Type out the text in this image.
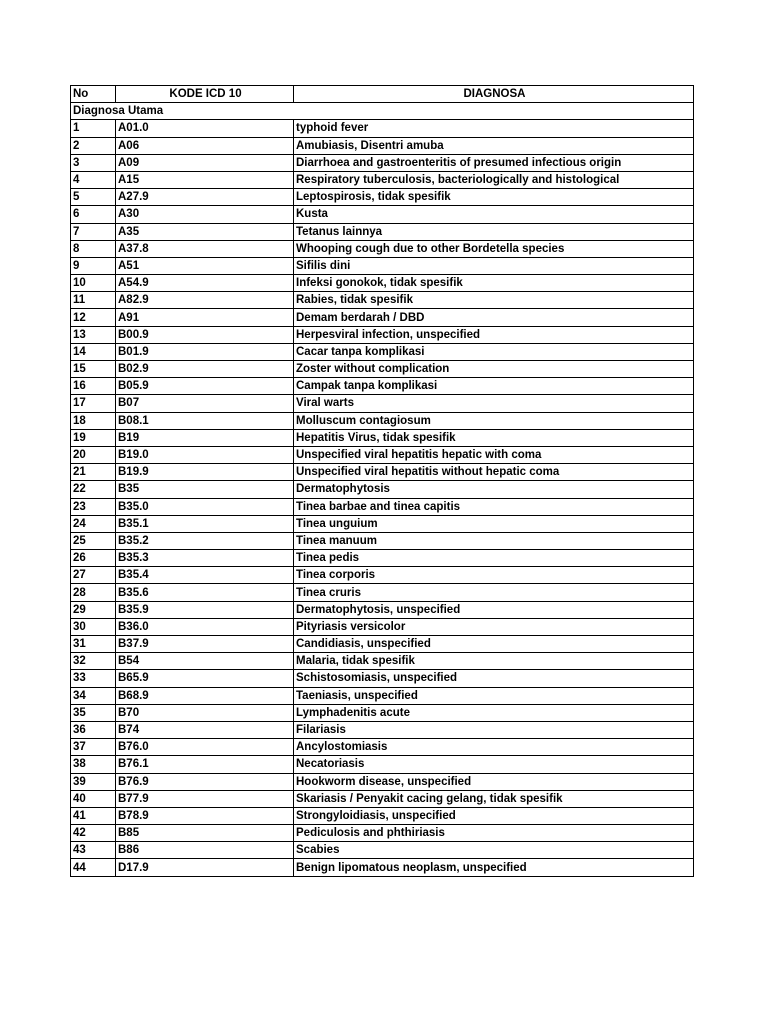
No	KODE ICD 10	DIAGNOSA
Diagnosa Utama		
1	A01.0	typhoid fever
2	A06	Amubiasis, Disentri amuba
3	A09	Diarrhoea and gastroenteritis of presumed infectious origin
4	A15	Respiratory tuberculosis, bacteriologically and histological
5	A27.9	Leptospirosis, tidak spesifik
6	A30	Kusta
7	A35	Tetanus lainnya
8	A37.8	Whooping cough due to other Bordetella species
9	A51	Sifilis dini
10	A54.9	Infeksi gonokok, tidak spesifik
11	A82.9	Rabies, tidak spesifik
12	A91	Demam berdarah / DBD
13	B00.9	Herpesviral infection, unspecified
14	B01.9	Cacar tanpa komplikasi
15	B02.9	Zoster without complication
16	B05.9	Campak tanpa komplikasi
17	B07	Viral warts
18	B08.1	Molluscum contagiosum
19	B19	Hepatitis Virus, tidak spesifik
20	B19.0	Unspecified viral hepatitis hepatic with coma
21	B19.9	Unspecified viral hepatitis without hepatic coma
22	B35	Dermatophytosis
23	B35.0	Tinea barbae and tinea capitis
24	B35.1	Tinea unguium
25	B35.2	Tinea manuum
26	B35.3	Tinea pedis
27	B35.4	Tinea corporis
28	B35.6	Tinea cruris
29	B35.9	Dermatophytosis, unspecified
30	B36.0	Pityriasis versicolor
31	B37.9	Candidiasis, unspecified
32	B54	Malaria, tidak spesifik
33	B65.9	Schistosomiasis, unspecified
34	B68.9	Taeniasis, unspecified
35	B70	Lymphadenitis acute
36	B74	Filariasis
37	B76.0	Ancylostomiasis
38	B76.1	Necatoriasis
39	B76.9	Hookworm disease, unspecified
40	B77.9	Skariasis / Penyakit cacing gelang, tidak spesifik
41	B78.9	Strongyloidiasis, unspecified
42	B85	Pediculosis and phthiriasis
43	B86	Scabies
44	D17.9	Benign lipomatous neoplasm, unspecified
